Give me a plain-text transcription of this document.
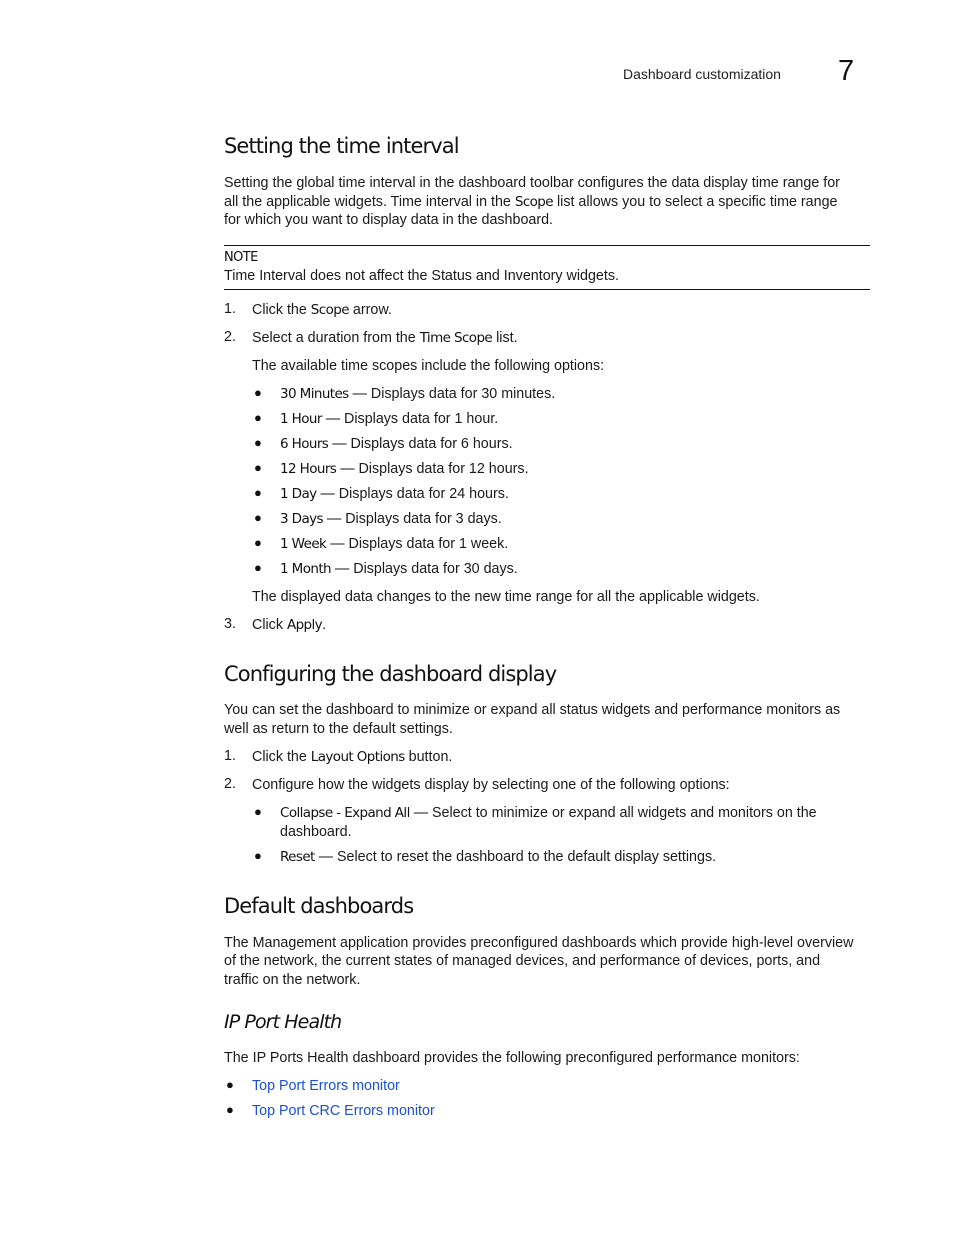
Dashboard customization 7
Setting the time interval
Setting the global time interval in the dashboard toolbar configures the data display time range for
all the applicable widgets. Time interval in the Scope list allows you to select a specific time range
for which you want to display data in the dashboard.
NOTE
Time Interval does not affect the Status and Inventory widgets.
1. Click the Scope arrow.
2. Select a duration from the Time Scope list.
The available time scopes include the following options:
● 30 Minutes — Displays data for 30 minutes.
● 1 Hour — Displays data for 1 hour.
● 6 Hours — Displays data for 6 hours.
● 12 Hours — Displays data for 12 hours.
● 1 Day — Displays data for 24 hours.
● 3 Days — Displays data for 3 days.
● 1 Week — Displays data for 1 week.
● 1 Month — Displays data for 30 days.
The displayed data changes to the new time range for all the applicable widgets.
3. Click Apply.
Configuring the dashboard display
You can set the dashboard to minimize or expand all status widgets and performance monitors as
well as return to the default settings.
1. Click the Layout Options button.
2. Configure how the widgets display by selecting one of the following options:
● Collapse - Expand All — Select to minimize or expand all widgets and monitors on the
dashboard.
● Reset — Select to reset the dashboard to the default display settings.
Default dashboards
The Management application provides preconfigured dashboards which provide high-level overview
of the network, the current states of managed devices, and performance of devices, ports, and
traffic on the network.
IP Port Health
The IP Ports Health dashboard provides the following preconfigured performance monitors:
● Top Port Errors monitor
● Top Port CRC Errors monitor
